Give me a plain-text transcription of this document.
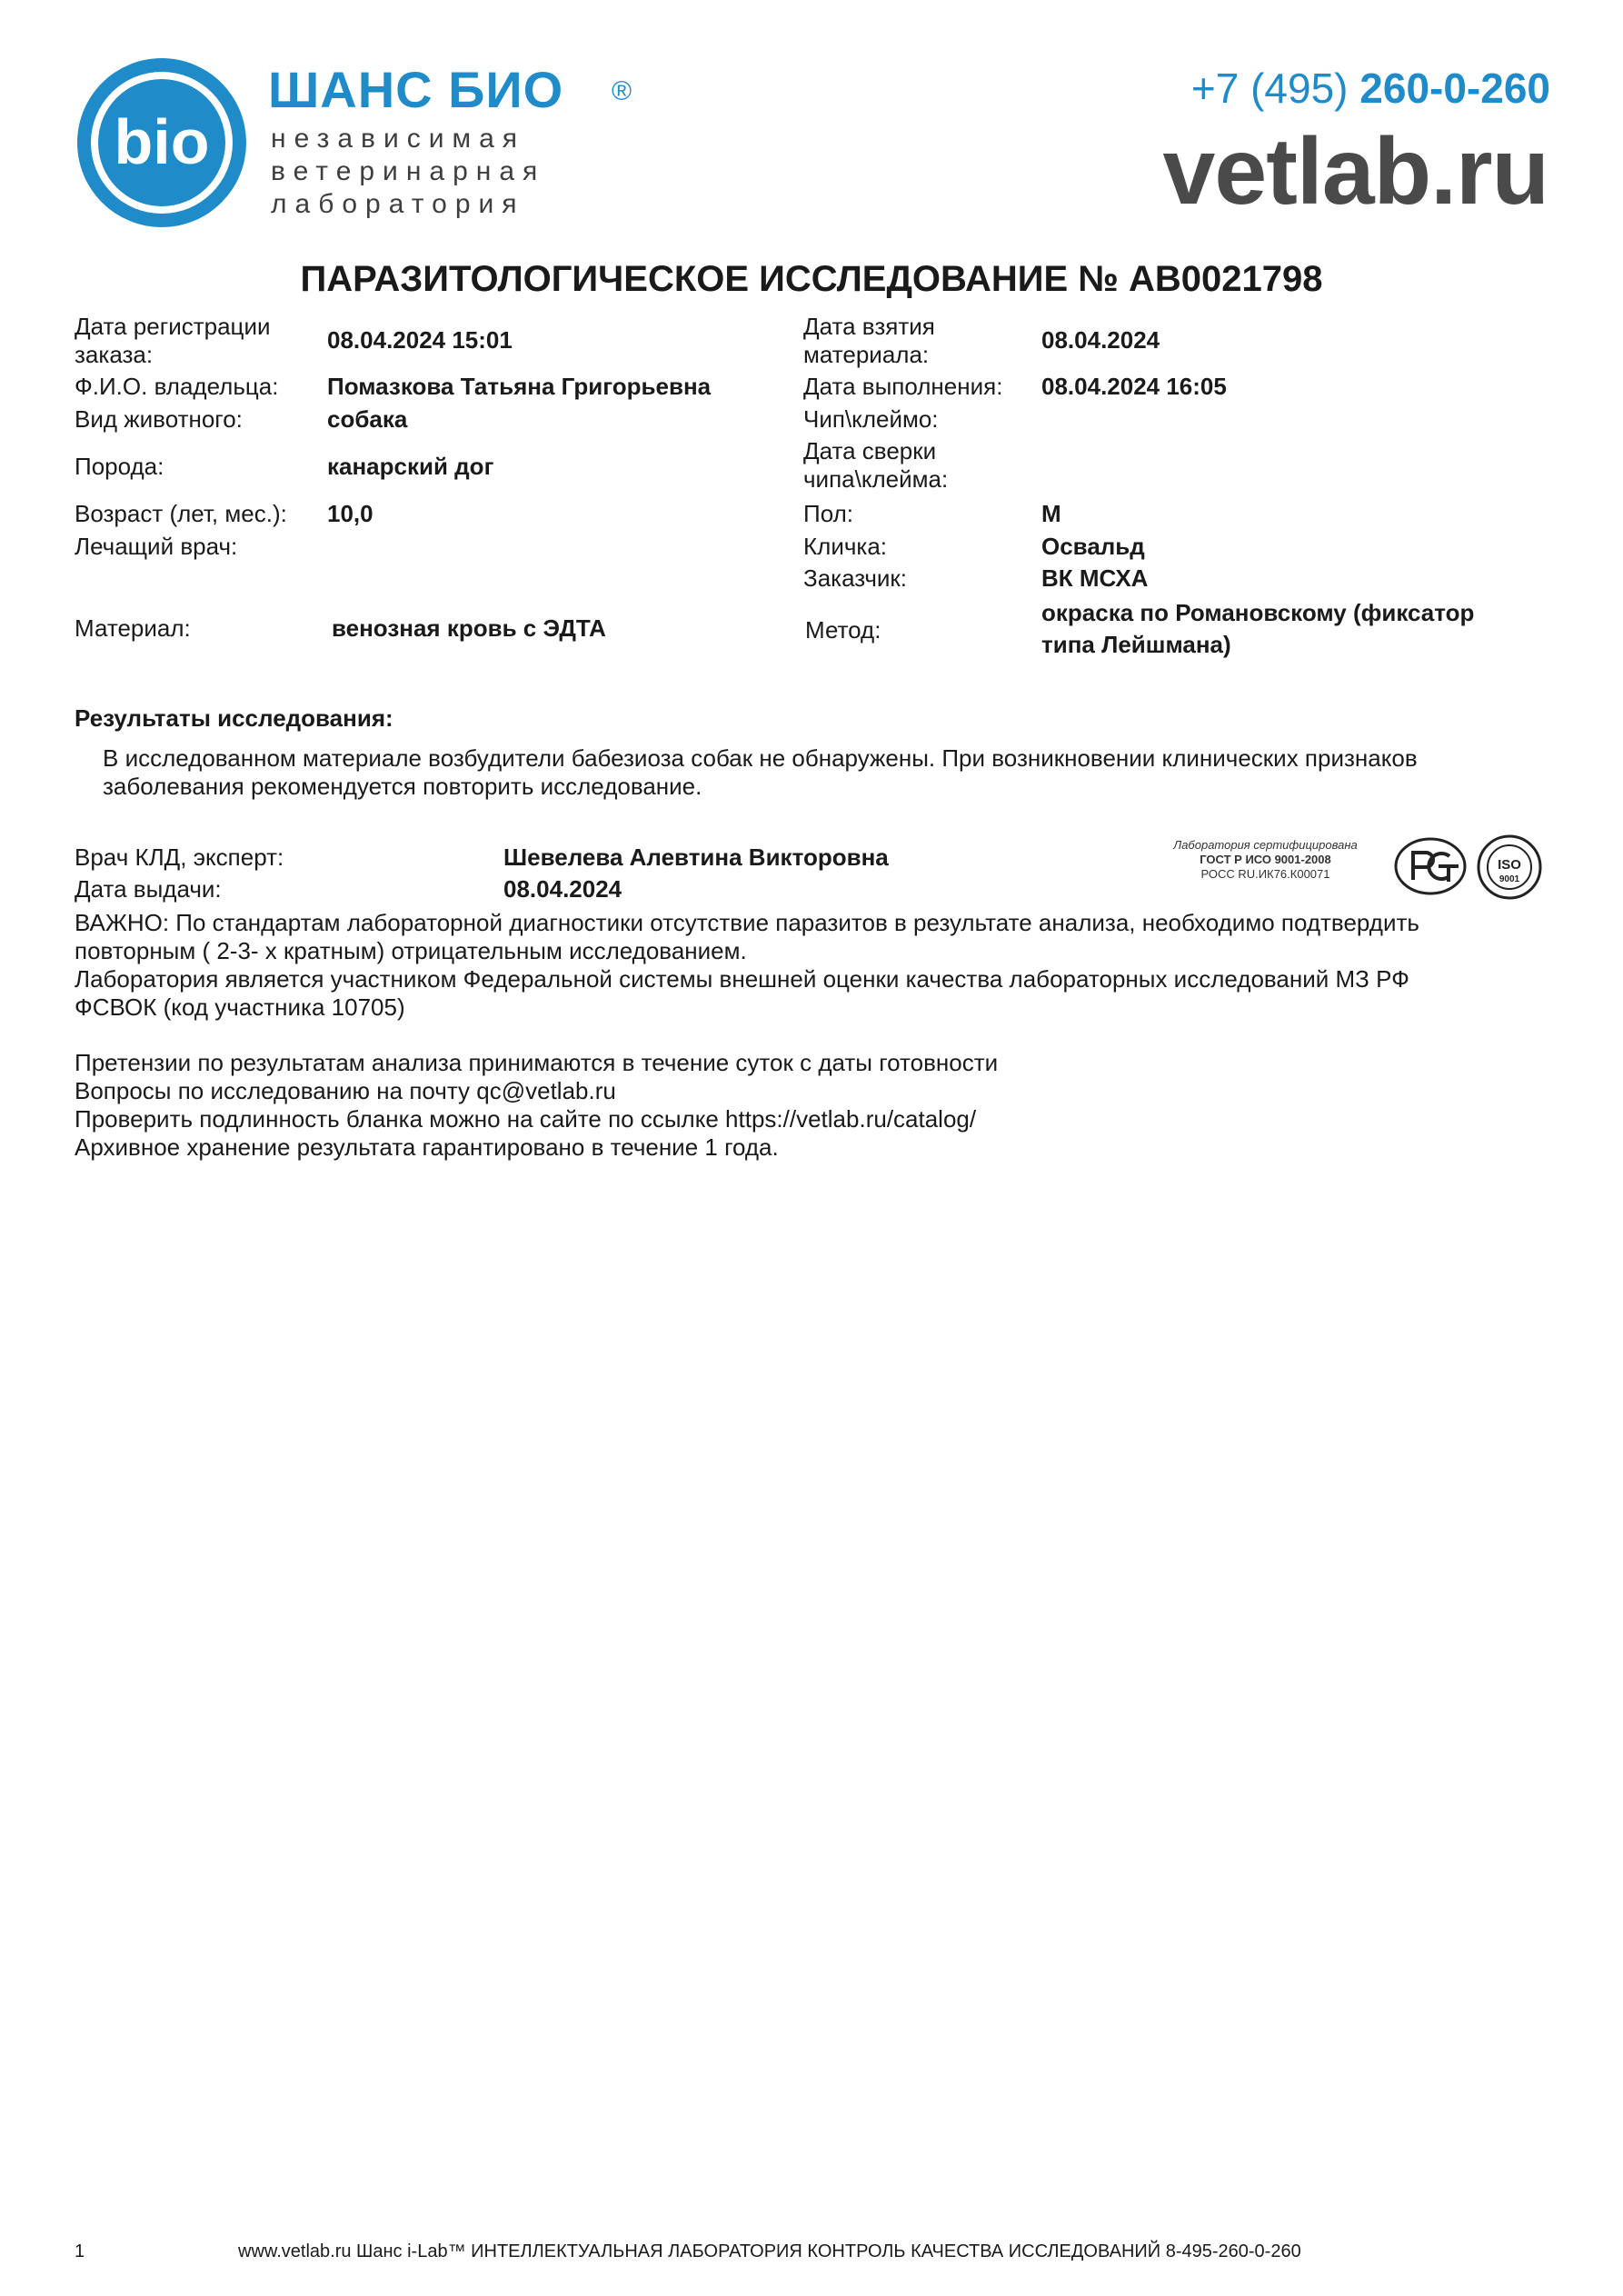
bio
ШАНС БИО ®
независимая
ветеринарная
лаборатория
+7 (495) 260-0-260
vetlab.ru
ПАРАЗИТОЛОГИЧЕСКОЕ ИССЛЕДОВАНИЕ № AB0021798
Дата регистрации
заказа:
08.04.2024 15:01
Ф.И.О. владельца: Помазкова Татьяна Григорьевна
Вид животного:	собака
Порода:	канарский дог
Возраст (лет, мес.): 10,0
Лечащий врач:
Материал:	венозная кровь с ЭДТА
Дата взятия
материала:
08.04.2024
Дата выполнения: 08.04.2024 16:05
Чип\клеймо:
Дата сверки
чипа\клейма:
Пол:	М
Кличка:	Освальд
Заказчик:	ВК МСХА
Метод:
окраска по Романовскому (фиксатор
типа Лейшмана)
Результаты исследования:
В исследованном материале возбудители бабезиоза собак не обнаружены. При возникновении клинических признаков
заболевания рекомендуется повторить исследование.
Врач КЛД, эксперт:	Шевелева Алевтина Викторовна
Дата выдачи:	08.04.2024
Лаборатория сертифицирована
ГОСТ Р ИСО 9001-2008
РОСС RU.ИК76.К00071
ISO
9001
ВАЖНО: По стандартам лабораторной диагностики отсутствие паразитов в результате анализа, необходимо подтвердить
повторным ( 2-3- х кратным) отрицательным исследованием.
Лаборатория является участником Федеральной системы внешней оценки качества лабораторных исследований МЗ РФ
ФСВОК (код участника 10705)
Претензии по результатам анализа принимаются в течение суток с даты готовности
Вопросы по исследованию на почту qc@vetlab.ru
Проверить подлинность бланка можно на сайте по ссылке https://vetlab.ru/catalog/
Архивное хранение результата гарантировано в течение 1 года.
1	www.vetlab.ru Шанс i-Lab™ ИНТЕЛЛЕКТУАЛЬНАЯ ЛАБОРАТОРИЯ КОНТРОЛЬ КАЧЕСТВА ИССЛЕДОВАНИЙ 8-495-260-0-260
